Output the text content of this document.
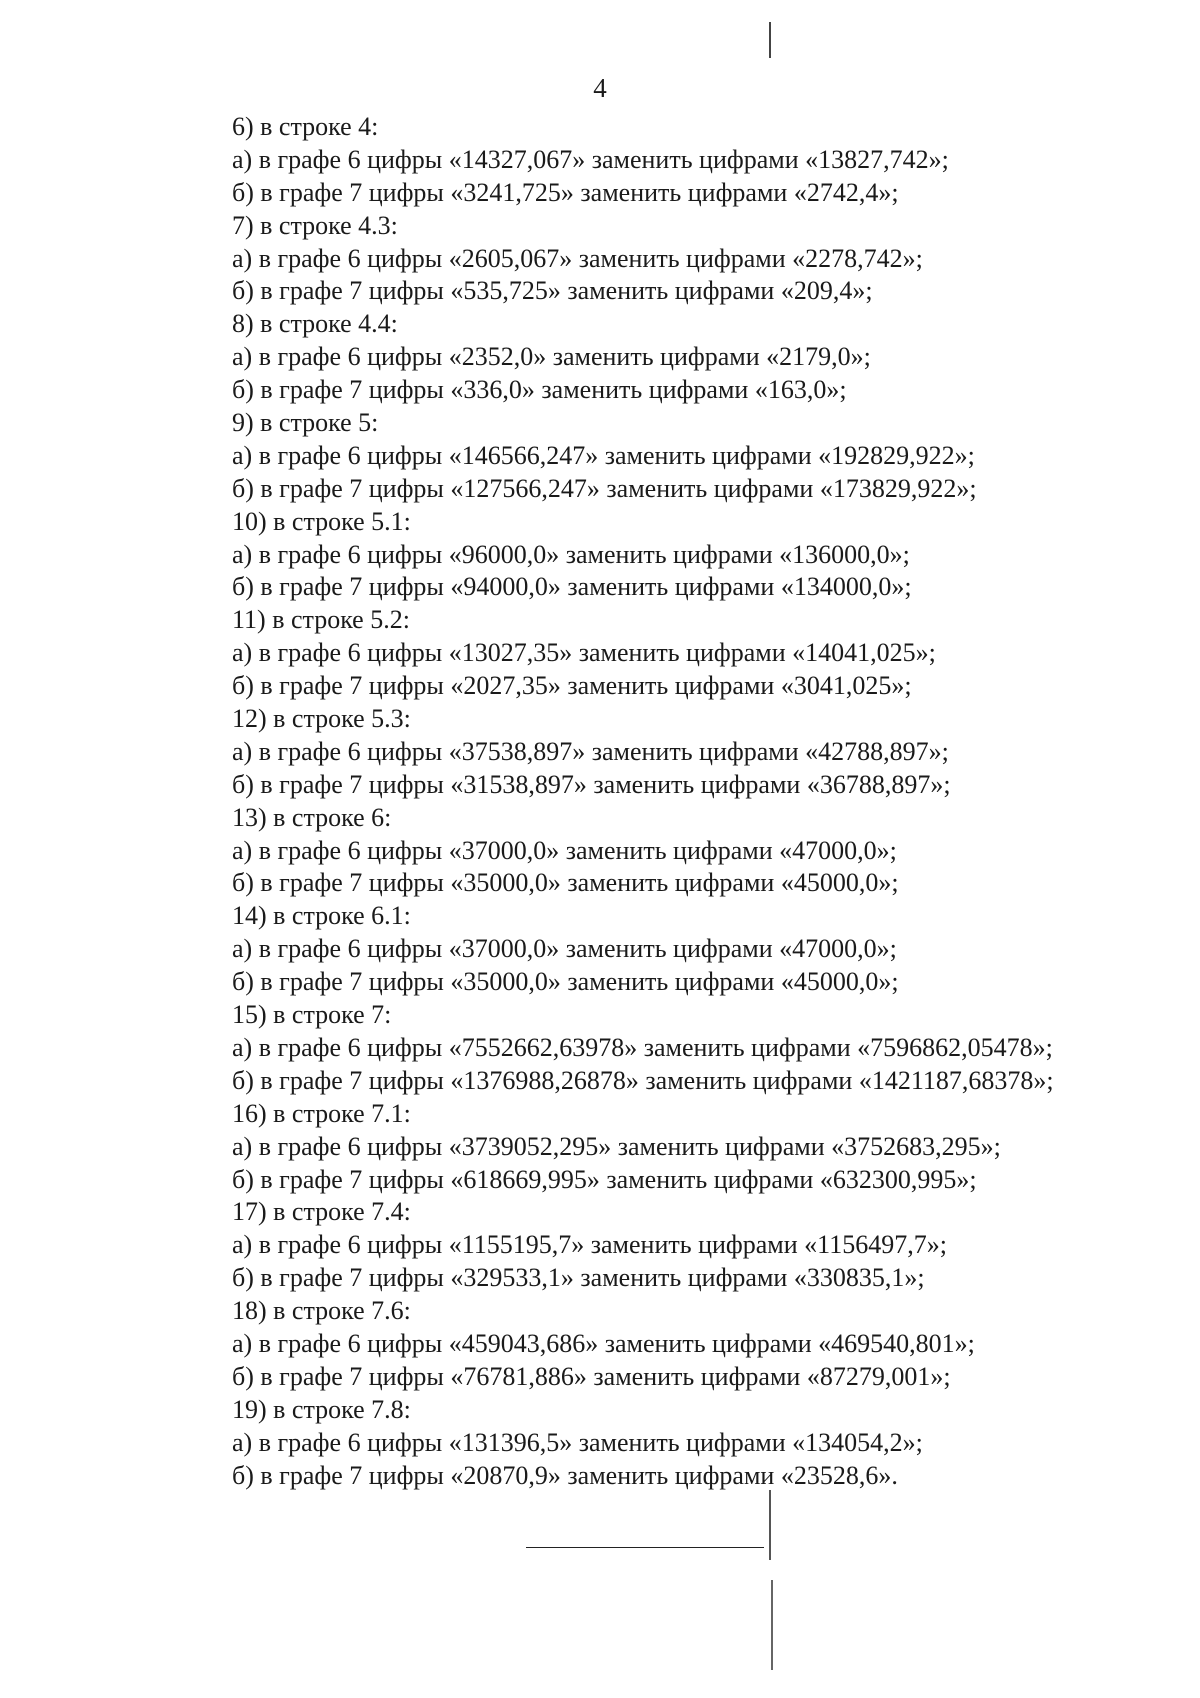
4
6) в строке 4:
а) в графе 6 цифры «14327,067» заменить цифрами «13827,742»;
б) в графе 7 цифры «3241,725» заменить цифрами «2742,4»;
7) в строке 4.3:
а) в графе 6 цифры «2605,067» заменить цифрами «2278,742»;
б) в графе 7 цифры «535,725» заменить цифрами «209,4»;
8) в строке 4.4:
а) в графе 6 цифры «2352,0» заменить цифрами «2179,0»;
б) в графе 7 цифры «336,0» заменить цифрами «163,0»;
9) в строке 5:
а) в графе 6 цифры «146566,247» заменить цифрами «192829,922»;
б) в графе 7 цифры «127566,247» заменить цифрами «173829,922»;
10) в строке 5.1:
а) в графе 6 цифры «96000,0» заменить цифрами «136000,0»;
б) в графе 7 цифры «94000,0» заменить цифрами «134000,0»;
11) в строке 5.2:
а) в графе 6 цифры «13027,35» заменить цифрами «14041,025»;
б) в графе 7 цифры «2027,35» заменить цифрами «3041,025»;
12) в строке 5.3:
а) в графе 6 цифры «37538,897» заменить цифрами «42788,897»;
б) в графе 7 цифры «31538,897» заменить цифрами «36788,897»;
13) в строке 6:
а) в графе 6 цифры «37000,0» заменить цифрами «47000,0»;
б) в графе 7 цифры «35000,0» заменить цифрами «45000,0»;
14) в строке 6.1:
а) в графе 6 цифры «37000,0» заменить цифрами «47000,0»;
б) в графе 7 цифры «35000,0» заменить цифрами «45000,0»;
15) в строке 7:
а) в графе 6 цифры «7552662,63978» заменить цифрами «7596862,05478»;
б) в графе 7 цифры «1376988,26878» заменить цифрами «1421187,68378»;
16) в строке 7.1:
а) в графе 6 цифры «3739052,295» заменить цифрами «3752683,295»;
б) в графе 7 цифры «618669,995» заменить цифрами «632300,995»;
17) в строке 7.4:
а) в графе 6 цифры «1155195,7» заменить цифрами «1156497,7»;
б) в графе 7 цифры «329533,1» заменить цифрами «330835,1»;
18) в строке 7.6:
а) в графе 6 цифры «459043,686» заменить цифрами «469540,801»;
б) в графе 7 цифры «76781,886» заменить цифрами «87279,001»;
19) в строке 7.8:
а) в графе 6 цифры «131396,5» заменить цифрами «134054,2»;
б) в графе 7 цифры «20870,9» заменить цифрами «23528,6».
